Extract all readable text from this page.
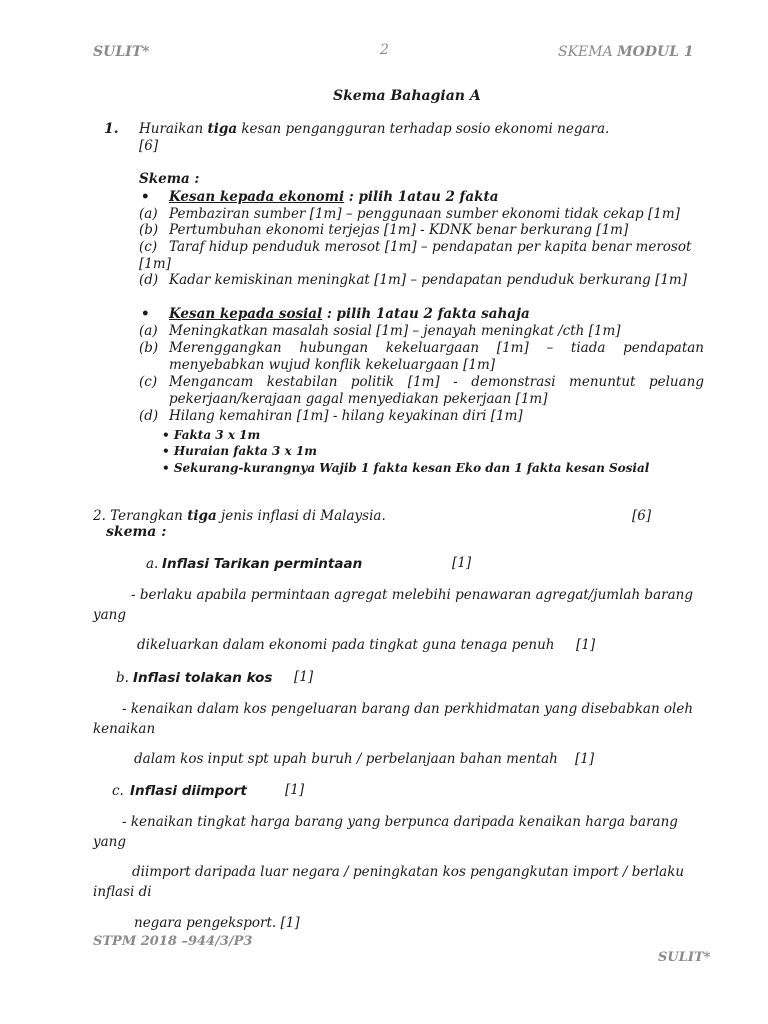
SULIT*	2	SKEMA MODUL 1
Skema Bahagian A
1. Huraikan tiga kesan pengangguran terhadap sosio ekonomi negara.
[6]
Skema :
• Kesan kepada ekonomi : pilih 1atau 2 fakta
(a) Pembaziran sumber [1m] – penggunaan sumber ekonomi tidak cekap [1m]
(b) Pertumbuhan ekonomi terjejas [1m] - KDNK benar berkurang [1m]
(c) Taraf hidup penduduk merosot [1m] – pendapatan per kapita benar merosot
[1m]
(d) Kadar kemiskinan meningkat [1m] – pendapatan penduduk berkurang [1m]
• Kesan kepada sosial : pilih 1atau 2 fakta sahaja
(a) Meningkatkan masalah sosial [1m] – jenayah meningkat /cth [1m]
(b) Merenggangkan hubungan kekeluargaan [1m] – tiada pendapatan
menyebabkan wujud konflik kekeluargaan [1m]
(c) Mengancam kestabilan politik [1m] - demonstrasi menuntut peluang
pekerjaan/kerajaan gagal menyediakan pekerjaan [1m]
(d) Hilang kemahiran [1m] - hilang keyakinan diri [1m]
• Fakta 3 x 1m
• Huraian fakta 3 x 1m
• Sekurang-kurangnya Wajib 1 fakta kesan Eko dan 1 fakta kesan Sosial
2. Terangkan tiga jenis inflasi di Malaysia.	[6]
skema :
a. Inflasi Tarikan permintaan	[1]
- berlaku apabila permintaan agregat melebihi penawaran agregat/jumlah barang
yang
dikeluarkan dalam ekonomi pada tingkat guna tenaga penuh [1]
b. Inflasi tolakan kos [1]
- kenaikan dalam kos pengeluaran barang dan perkhidmatan yang disebabkan oleh
kenaikan
dalam kos input spt upah buruh / perbelanjaan bahan mentah [1]
c. Inflasi diimport	[1]
- kenaikan tingkat harga barang yang berpunca daripada kenaikan harga barang
yang
diimport daripada luar negara / peningkatan kos pengangkutan import / berlaku
inflasi di
negara pengeksport. [1]
STPM 2018 –944/3/P3
SULIT*
